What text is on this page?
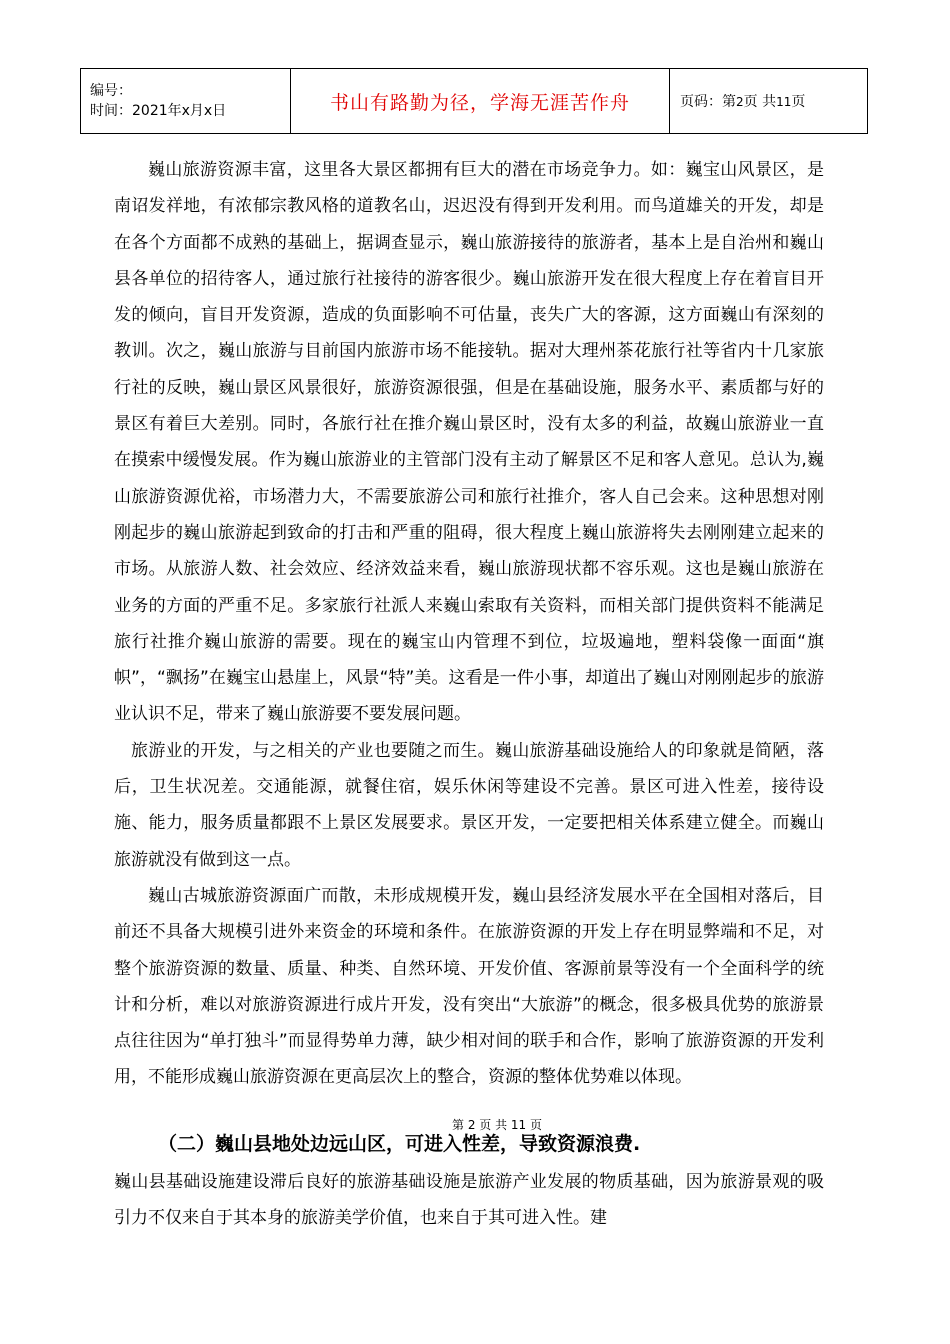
编号：
时间：2021年x月x日	书山有路勤为径，学海无涯苦作舟	页码：第2页 共11页

巍山旅游资源丰富，这里各大景区都拥有巨大的潜在市场竞争力。如：巍宝山风景区，是南诏发祥地，有浓郁宗教风格的道教名山，迟迟没有得到开发利用。而鸟道雄关的开发，却是在各个方面都不成熟的基础上，据调查显示，巍山旅游接待的旅游者，基本上是自治州和巍山县各单位的招待客人，通过旅行社接待的游客很少。巍山旅游开发在很大程度上存在着盲目开发的倾向，盲目开发资源，造成的负面影响不可估量，丧失广大的客源，这方面巍山有深刻的教训。次之，巍山旅游与目前国内旅游市场不能接轨。据对大理州茶花旅行社等省内十几家旅行社的反映，巍山景区风景很好，旅游资源很强，但是在基础设施，服务水平、素质都与好的景区有着巨大差别。同时，各旅行社在推介巍山景区时，没有太多的利益，故巍山旅游业一直在摸索中缓慢发展。作为巍山旅游业的主管部门没有主动了解景区不足和客人意见。总认为,巍山旅游资源优裕，市场潜力大，不需要旅游公司和旅行社推介，客人自己会来。这种思想对刚刚起步的巍山旅游起到致命的打击和严重的阻碍，很大程度上巍山旅游将失去刚刚建立起来的市场。从旅游人数、社会效应、经济效益来看，巍山旅游现状都不容乐观。这也是巍山旅游在业务的方面的严重不足。多家旅行社派人来巍山索取有关资料，而相关部门提供资料不能满足旅行社推介巍山旅游的需要。现在的巍宝山内管理不到位，垃圾遍地，塑料袋像一面面“旗帜”，“飘扬”在巍宝山悬崖上，风景“特”美。这看是一件小事，却道出了巍山对刚刚起步的旅游业认识不足，带来了巍山旅游要不要发展问题。

旅游业的开发，与之相关的产业也要随之而生。巍山旅游基础设施给人的印象就是简陋，落后，卫生状况差。交通能源，就餐住宿，娱乐休闲等建设不完善。景区可进入性差，接待设施、能力，服务质量都跟不上景区发展要求。景区开发，一定要把相关体系建立健全。而巍山旅游就没有做到这一点。

巍山古城旅游资源面广而散，未形成规模开发，巍山县经济发展水平在全国相对落后，目前还不具备大规模引进外来资金的环境和条件。在旅游资源的开发上存在明显弊端和不足，对整个旅游资源的数量、质量、种类、自然环境、开发价值、客源前景等没有一个全面科学的统计和分析，难以对旅游资源进行成片开发，没有突出“大旅游”的概念，很多极具优势的旅游景点往往因为“单打独斗”而显得势单力薄，缺少相对间的联手和合作，影响了旅游资源的开发利用，不能形成巍山旅游资源在更高层次上的整合，资源的整体优势难以体现。

第 2 页 共 11 页
（二）巍山县地处边远山区，可进入性差，导致资源浪费.

巍山县基础设施建设滞后良好的旅游基础设施是旅游产业发展的物质基础，因为旅游景观的吸引力不仅来自于其本身的旅游美学价值，也来自于其可进入性。建
